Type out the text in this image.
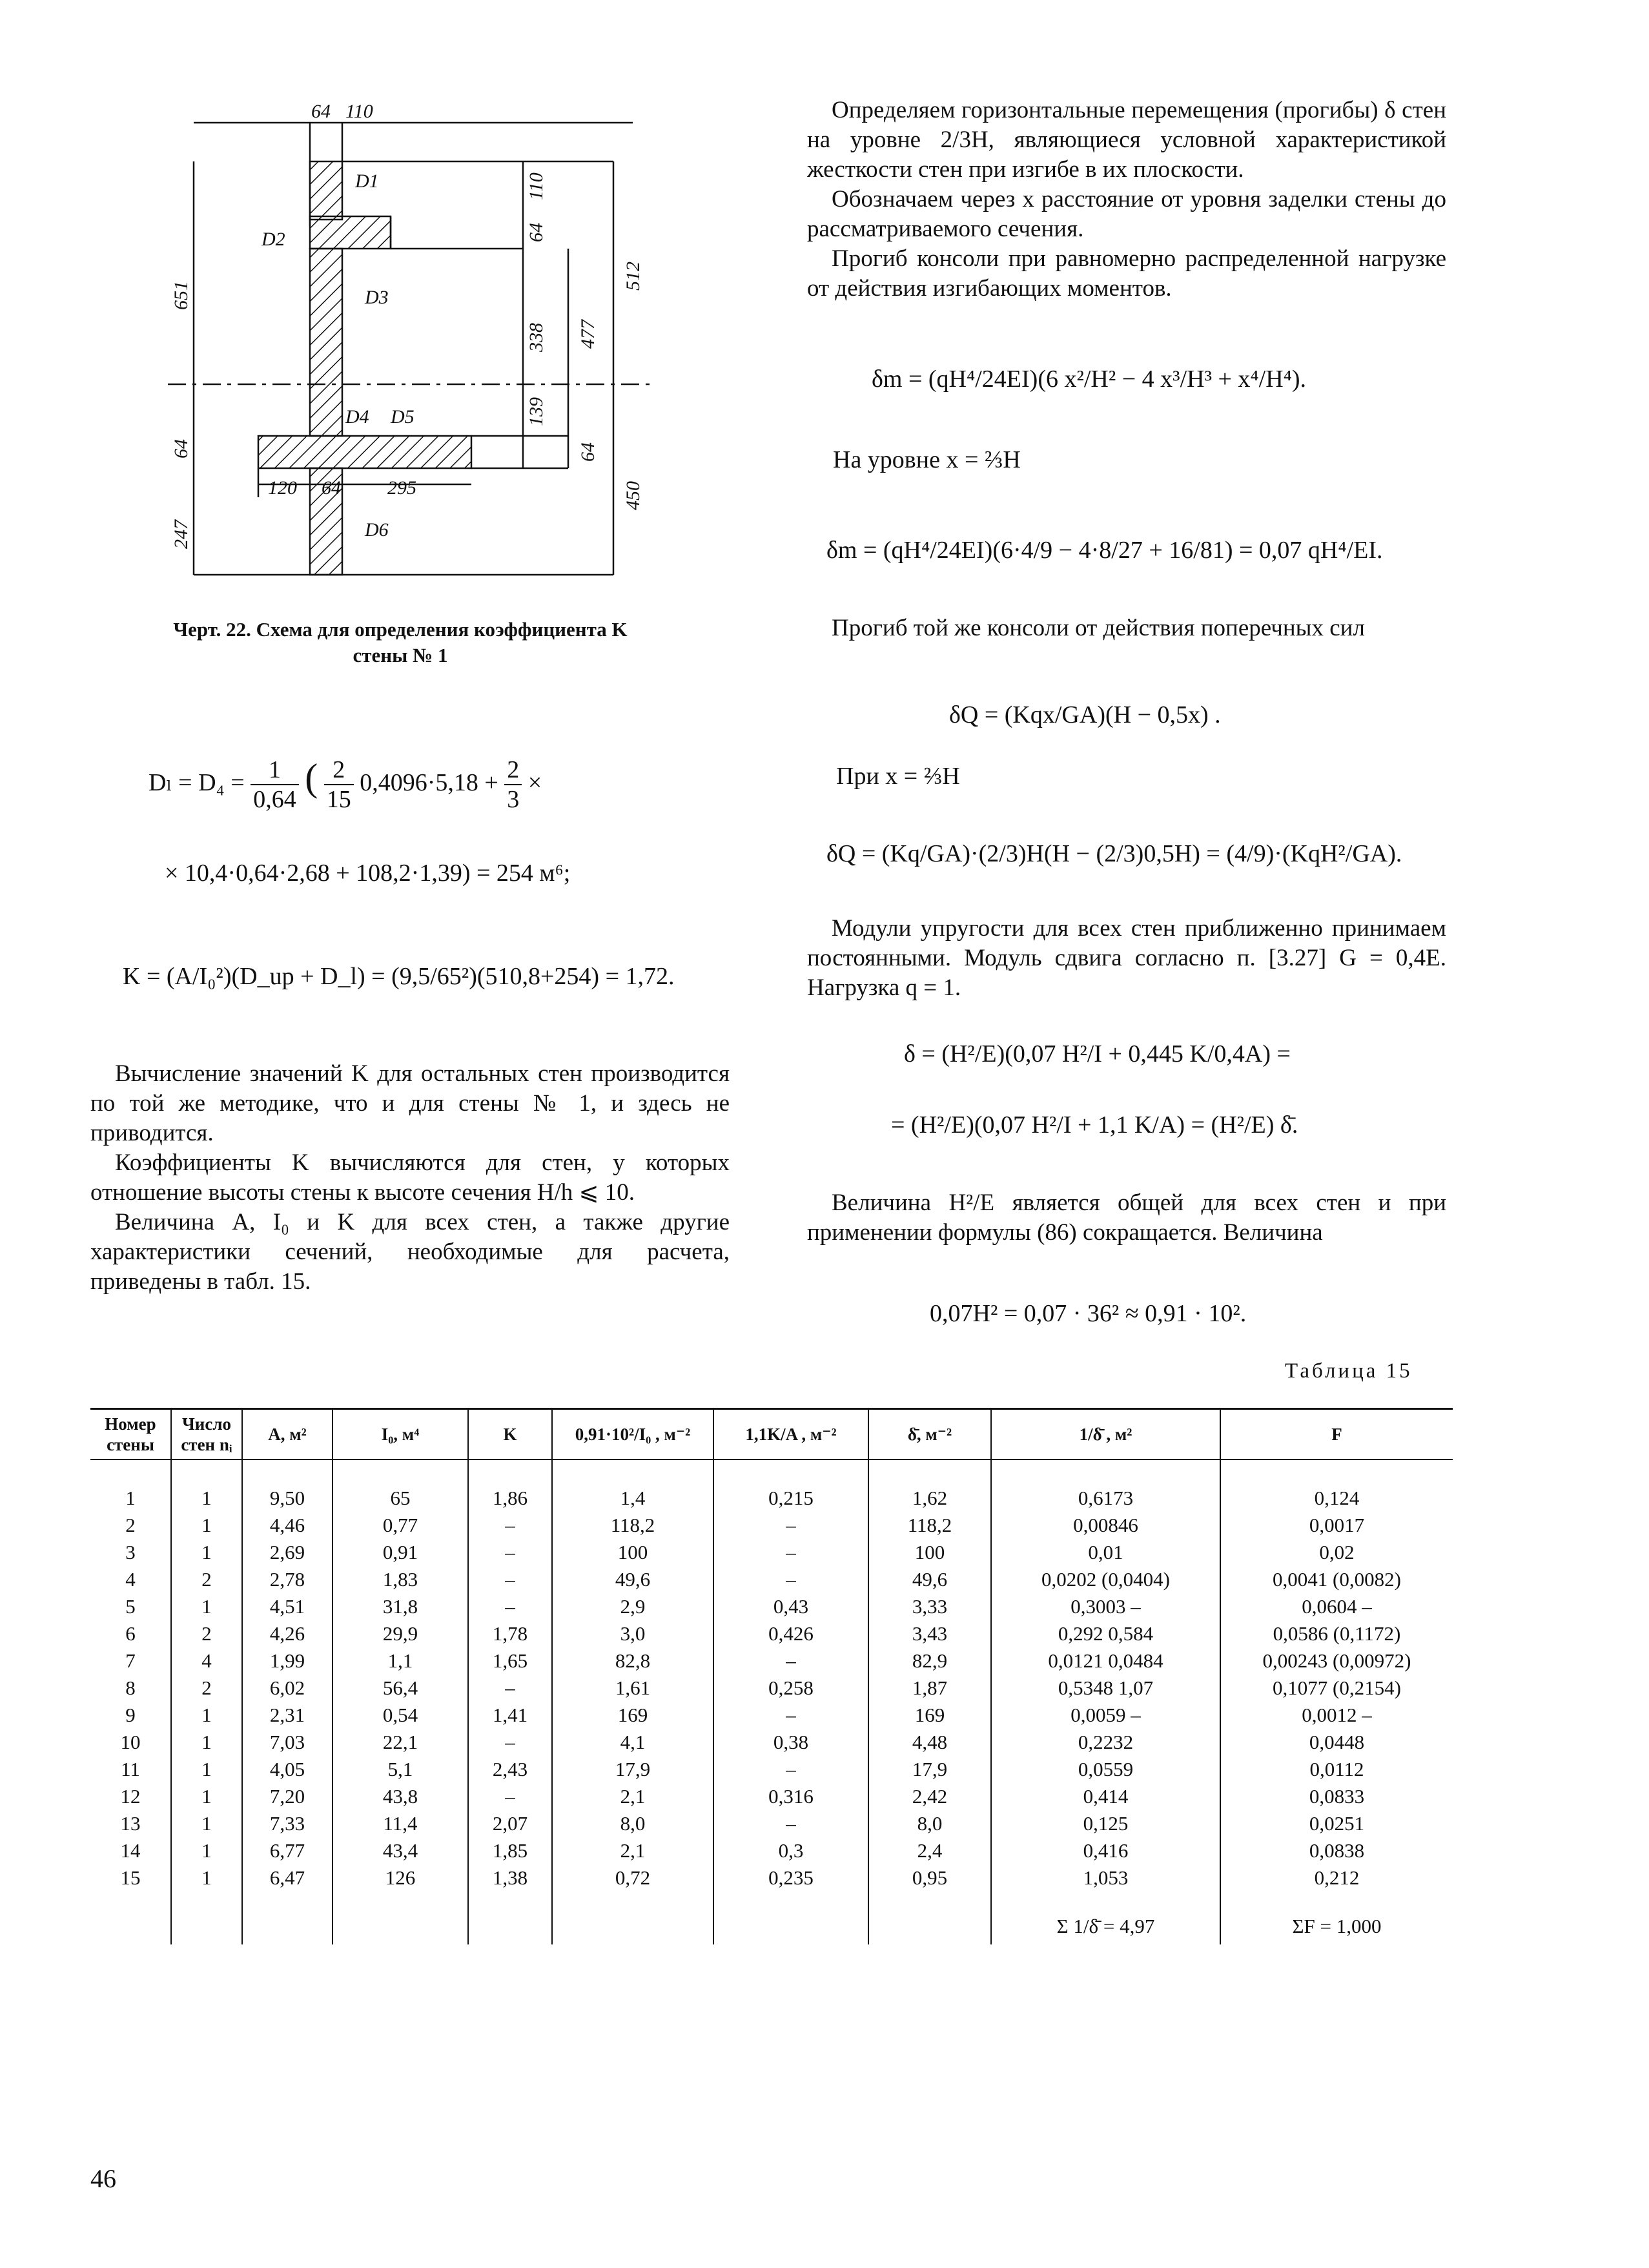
64 110
D1
D2
D3
D4 D5
D6
120 64 295
651
64
247
110
64
338 477
139
64
512
450
Черт. 22. Схема для определения коэффициента K
стены № 1
$D_l = D_4 = \frac{1}{0,64}$ ( $\frac{2}{15} 0,4096\cdot 5,18 + \frac{2}{3}$ ×
× 10,4·0,64·2,68 + 108,2·1,39) = 254 м⁶;
K = (A/I₀²)(D_up + D_l) = (9,5/65²)(510,8+254) = 1,72.

Вычисление значений K для остальных стен производится по той же методике, что и для стены № 1, и здесь не приводится.

Коэффициенты K вычисляются для стен, у которых отношение высоты стены к высоте сечения H/h ⩽ 10.

Величина A, I₀ и K для всех стен, а также другие характеристики сечений, необходимые для расчета, приведены в табл. 15.

Определяем горизонтальные перемещения (прогибы) δ стен на уровне 2/3H, являющиеся условной характеристикой жесткости стен при изгибе в их плоскости.

Обозначаем через x расстояние от уровня заделки стены до рассматриваемого сечения.

Прогиб консоли при равномерно распределенной нагрузке от действия изгибающих моментов.

δm = (qH⁴/24EI)(6 x²/H² − 4 x³/H³ + x⁴/H⁴).
На уровне x = ⅔H
δm = (qH⁴/24EI)(6·4/9 − 4·8/27 + 16/81) = 0,07 qH⁴/EI.

Прогиб той же консоли от действия поперечных сил

δQ = (Kqx/GA)(H − 0,5x) .
При x = ⅔H
δQ = (Kq/GA)·(2/3)H(H − (2/3)0,5H) = (4/9)·(KqH²/GA).

Модули упругости для всех стен приближенно принимаем постоянными. Модуль сдвига согласно п. [3.27] G = 0,4E. Нагрузка q = 1.

δ = (H²/E)(0,07 H²/I + 0,445 K/0,4A) =
= (H²/E)(0,07 H²/I + 1,1 K/A) = (H²/E) δ̄.

Величина H²/E является общей для всех стен и при применении формулы (86) сокращается. Величина

0,07H² = 0,07 · 36² ≈ 0,91 · 10².
Таблица 15
Номер стены	Число стен nᵢ	A, м²	I₀, м⁴	K	0,91·10²/I₀ , м⁻²	1,1K/A , м⁻²	δ̄, м⁻²	1/δ̄ , м²	F
1	1	9,50	65	1,86	1,4	0,215	1,62	0,6173	0,124
2	1	4,46	0,77	–	118,2	–	118,2	0,00846	0,0017
3	1	2,69	0,91	–	100	–	100	0,01	0,02
4	2	2,78	1,83	–	49,6	–	49,6	0,0202 (0,0404)	0,0041 (0,0082)
5	1	4,51	31,8	–	2,9	0,43	3,33	0,3003 –	0,0604 –
6	2	4,26	29,9	1,78	3,0	0,426	3,43	0,292 0,584	0,0586 (0,1172)
7	4	1,99	1,1	1,65	82,8	–	82,9	0,0121 0,0484	0,00243 (0,00972)
8	2	6,02	56,4	–	1,61	0,258	1,87	0,5348 1,07	0,1077 (0,2154)
9	1	2,31	0,54	1,41	169	–	169	0,0059 –	0,0012 –
10	1	7,03	22,1	–	4,1	0,38	4,48	0,2232	0,0448
11	1	4,05	5,1	2,43	17,9	–	17,9	0,0559	0,0112
12	1	7,20	43,8	–	2,1	0,316	2,42	0,414	0,0833
13	1	7,33	11,4	2,07	8,0	–	8,0	0,125	0,0251
14	1	6,77	43,4	1,85	2,1	0,3	2,4	0,416	0,0838
15	1	6,47	126	1,38	0,72	0,235	0,95	1,053	0,212
								Σ 1/δ̄ = 4,97	ΣF = 1,000
46
